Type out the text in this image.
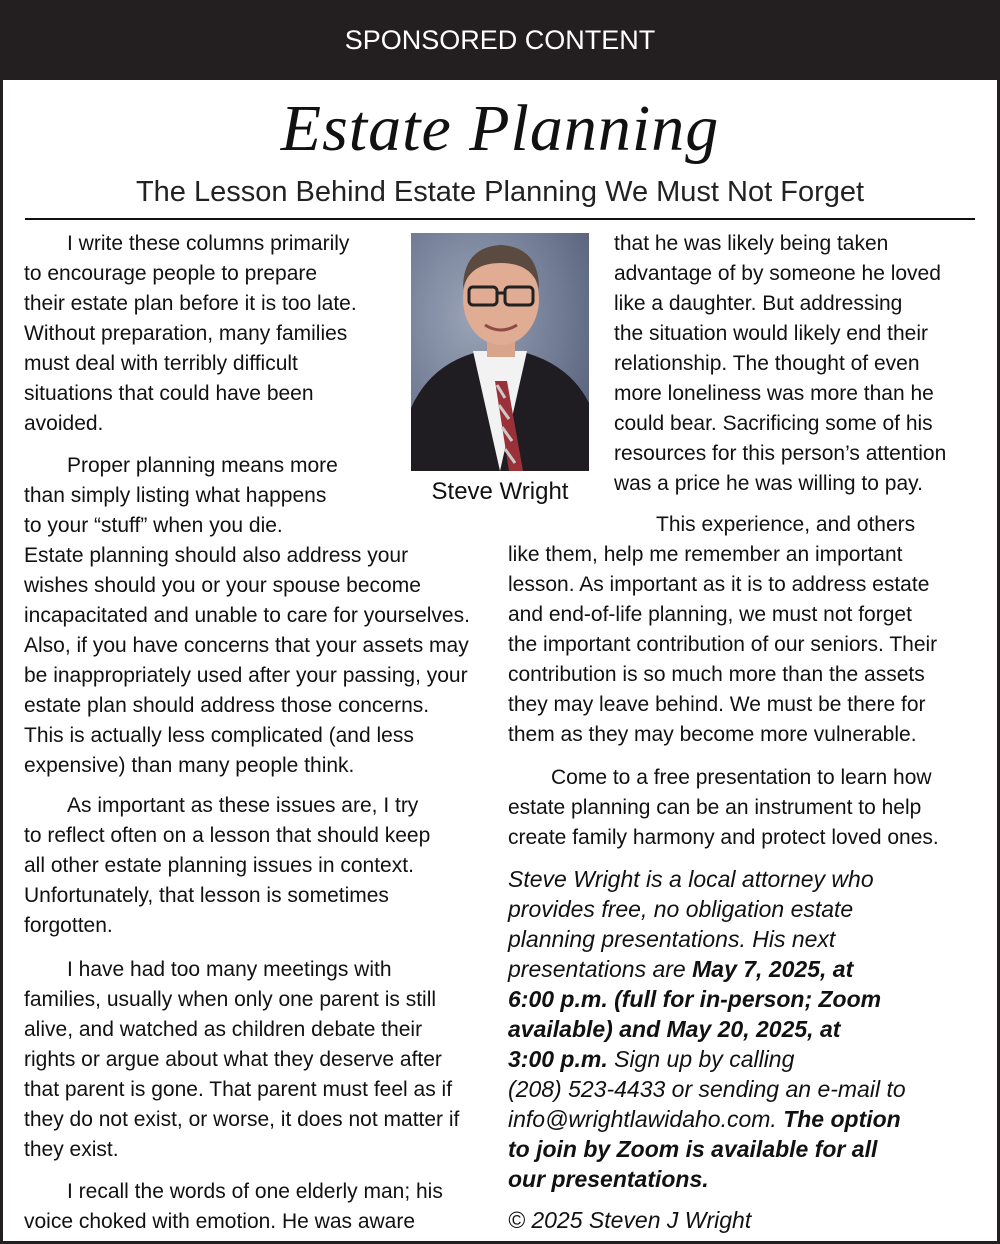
SPONSORED CONTENT
Estate Planning
The Lesson Behind Estate Planning We Must Not Forget
Steve Wright
I write these columns primarily
to encourage people to prepare
their estate plan before it is too late.
Without preparation, many families
must deal with terribly difficult
situations that could have been
avoided.
Proper planning means more
than simply listing what happens
to your “stuff” when you die.
Estate planning should also address your
wishes should you or your spouse become
incapacitated and unable to care for yourselves.
Also, if you have concerns that your assets may
be inappropriately used after your passing, your
estate plan should address those concerns.
This is actually less complicated (and less
expensive) than many people think.
As important as these issues are, I try
to reflect often on a lesson that should keep
all other estate planning issues in context.
Unfortunately, that lesson is sometimes
forgotten.
I have had too many meetings with
families, usually when only one parent is still
alive, and watched as children debate their
rights or argue about what they deserve after
that parent is gone. That parent must feel as if
they do not exist, or worse, it does not matter if
they exist.
I recall the words of one elderly man; his
voice choked with emotion. He was aware
that he was likely being taken
advantage of by someone he loved
like a daughter. But addressing
the situation would likely end their
relationship. The thought of even
more loneliness was more than he
could bear. Sacrificing some of his
resources for this person’s attention
was a price he was willing to pay.
This experience, and others
like them, help me remember an important
lesson. As important as it is to address estate
and end-of-life planning, we must not forget
the important contribution of our seniors. Their
contribution is so much more than the assets
they may leave behind. We must be there for
them as they may become more vulnerable.
Come to a free presentation to learn how
estate planning can be an instrument to help
create family harmony and protect loved ones.
Steve Wright is a local attorney who
provides free, no obligation estate
planning presentations. His next
presentations are May 7, 2025, at
6:00 p.m. (full for in-person; Zoom
available) and May 20, 2025, at
3:00 p.m. Sign up by calling
(208) 523-4433 or sending an e-mail to
info@wrightlawidaho.com. The option
to join by Zoom is available for all
our presentations.
© 2025 Steven J Wright
